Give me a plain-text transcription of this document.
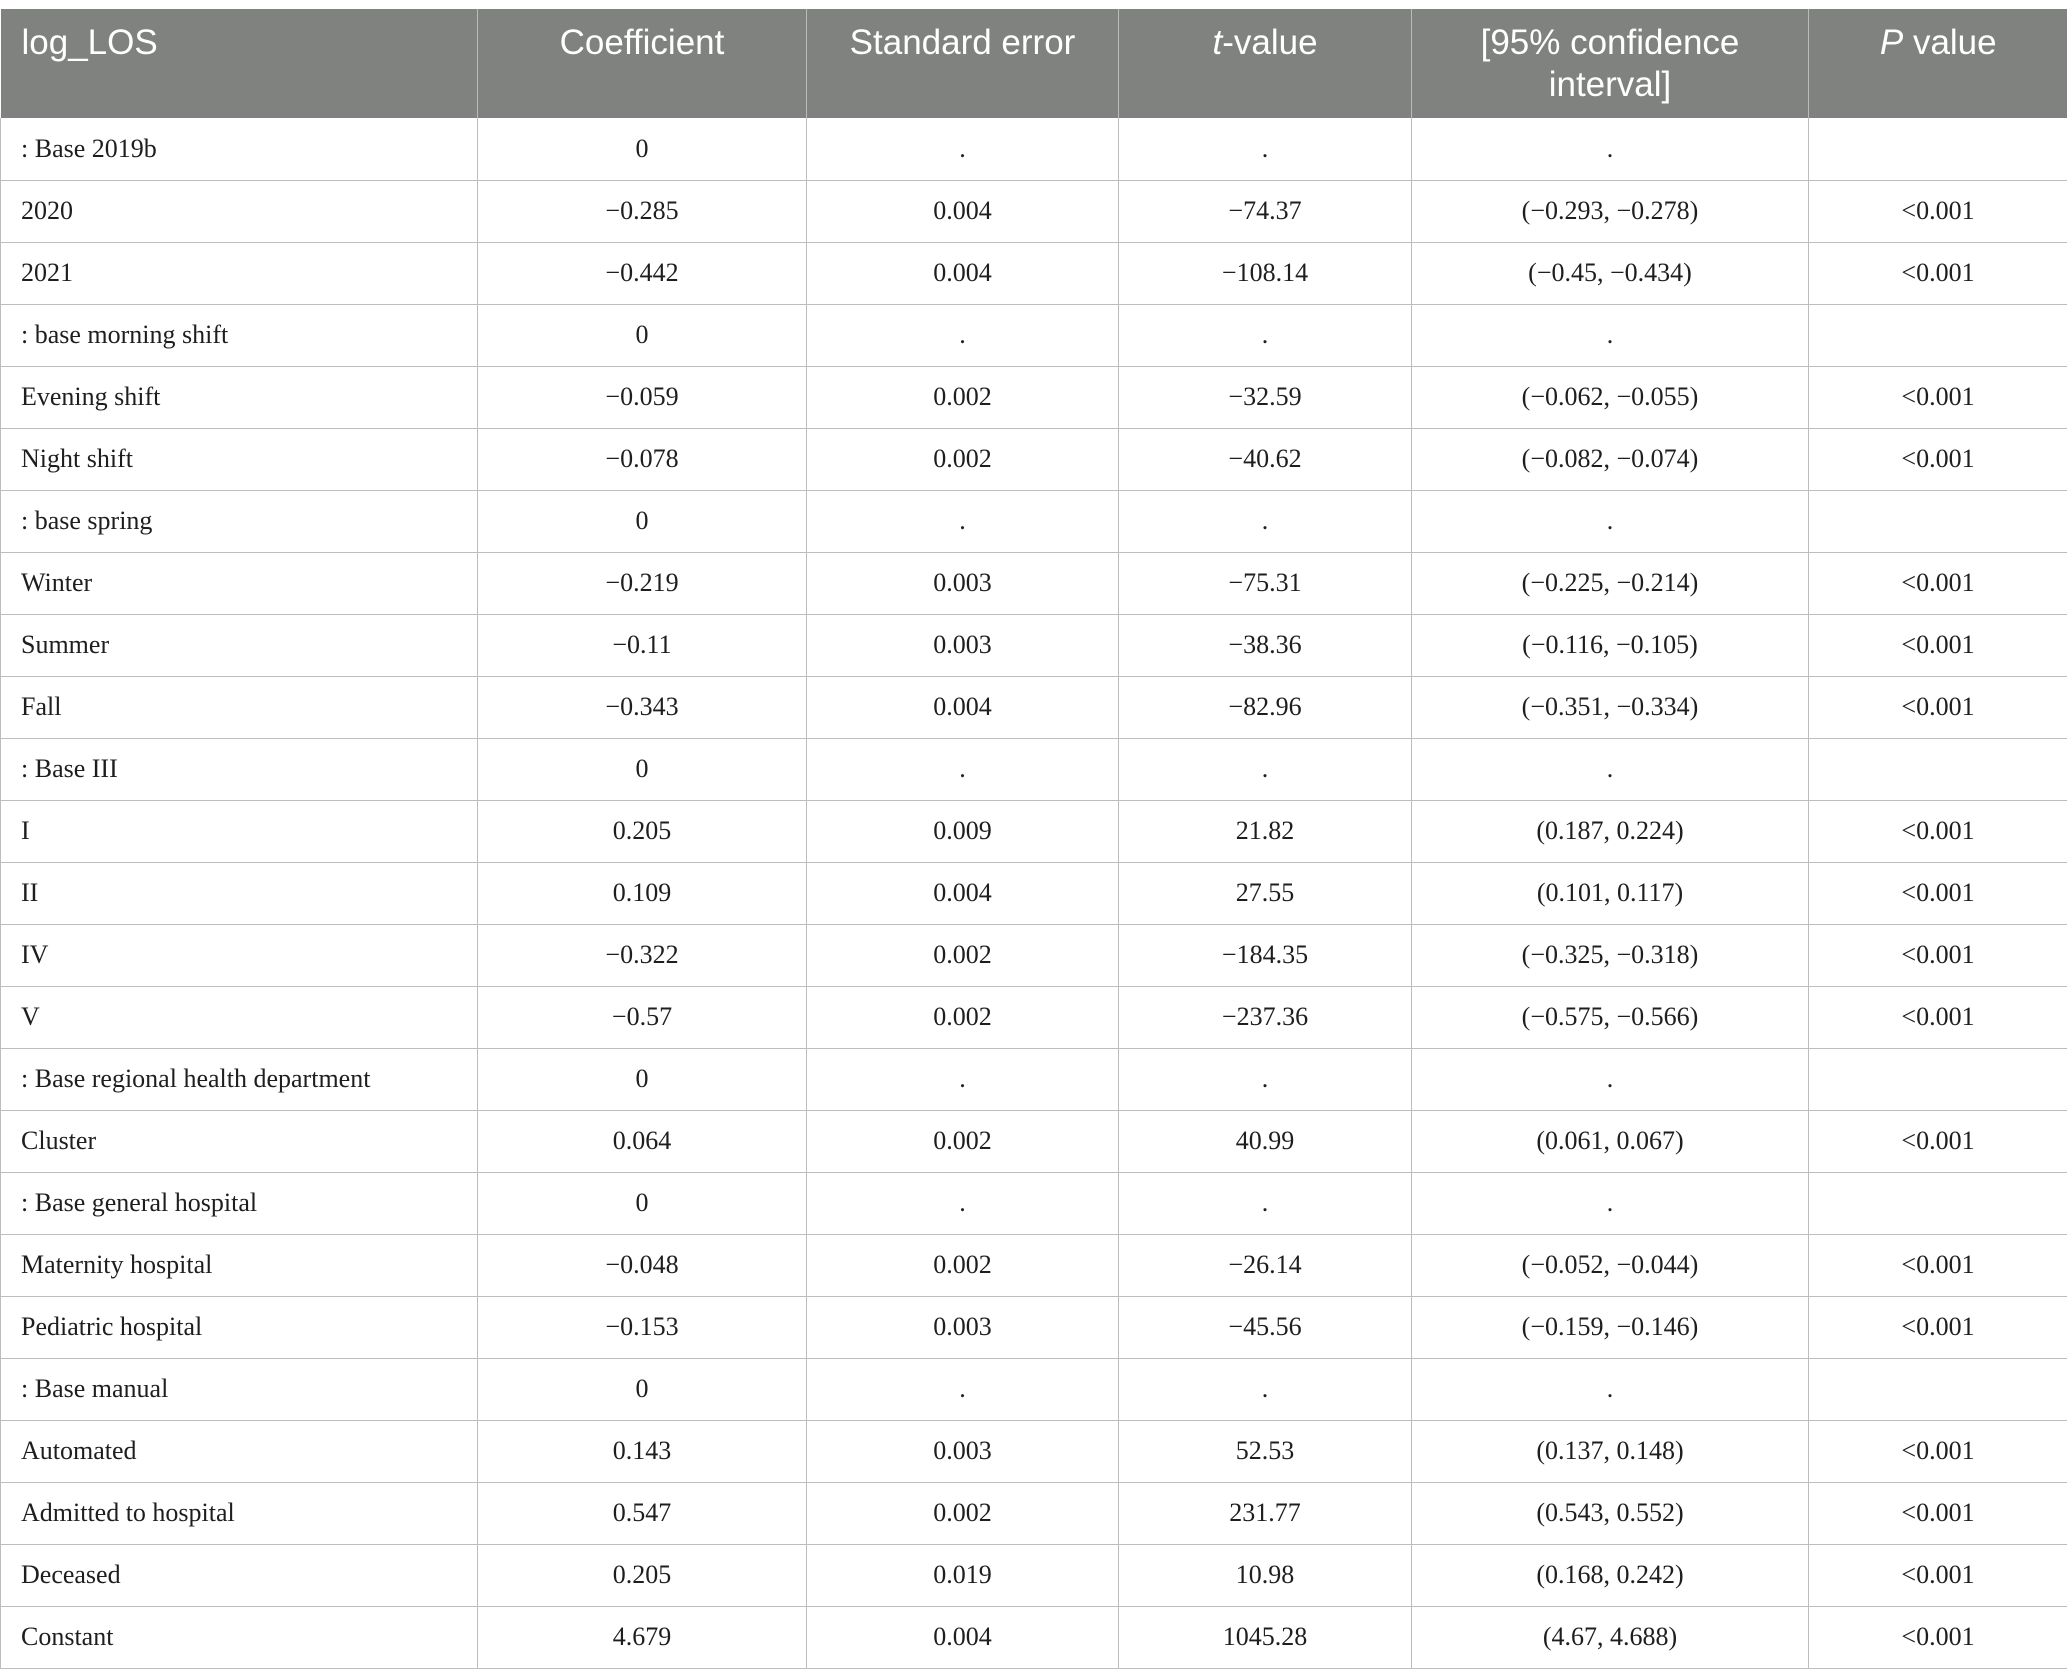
log_LOS	Coefficient	Standard error	t-value	[95% confidence interval]	P value
: Base 2019b	0	.	.	.	
2020	−0.285	0.004	−74.37	(−0.293, −0.278)	<0.001
2021	−0.442	0.004	−108.14	(−0.45, −0.434)	<0.001
: base morning shift	0	.	.	.	
Evening shift	−0.059	0.002	−32.59	(−0.062, −0.055)	<0.001
Night shift	−0.078	0.002	−40.62	(−0.082, −0.074)	<0.001
: base spring	0	.	.	.	
Winter	−0.219	0.003	−75.31	(−0.225, −0.214)	<0.001
Summer	−0.11	0.003	−38.36	(−0.116, −0.105)	<0.001
Fall	−0.343	0.004	−82.96	(−0.351, −0.334)	<0.001
: Base III	0	.	.	.	
I	0.205	0.009	21.82	(0.187, 0.224)	<0.001
II	0.109	0.004	27.55	(0.101, 0.117)	<0.001
IV	−0.322	0.002	−184.35	(−0.325, −0.318)	<0.001
V	−0.57	0.002	−237.36	(−0.575, −0.566)	<0.001
: Base regional health department	0	.	.	.	
Cluster	0.064	0.002	40.99	(0.061, 0.067)	<0.001
: Base general hospital	0	.	.	.	
Maternity hospital	−0.048	0.002	−26.14	(−0.052, −0.044)	<0.001
Pediatric hospital	−0.153	0.003	−45.56	(−0.159, −0.146)	<0.001
: Base manual	0	.	.	.	
Automated	0.143	0.003	52.53	(0.137, 0.148)	<0.001
Admitted to hospital	0.547	0.002	231.77	(0.543, 0.552)	<0.001
Deceased	0.205	0.019	10.98	(0.168, 0.242)	<0.001
Constant	4.679	0.004	1045.28	(4.67, 4.688)	<0.001
